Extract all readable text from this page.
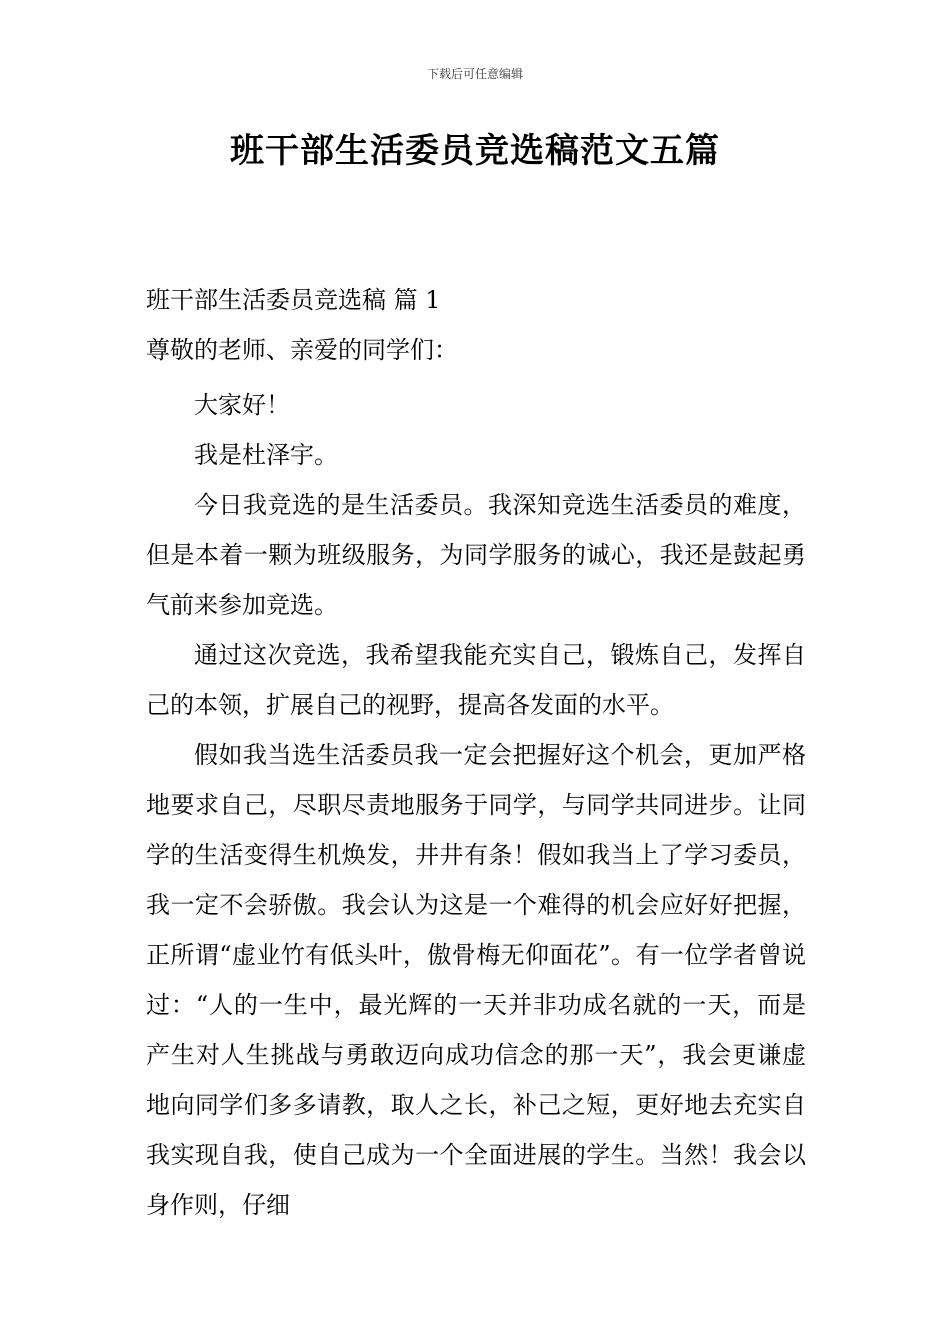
下载后可任意编辑
班干部生活委员竞选稿范文五篇
班干部生活委员竞选稿 篇 1

尊敬的老师、亲爱的同学们：

大家好！

我是杜泽宇。

今日我竞选的是生活委员。我深知竞选生活委员的难度，但是本着一颗为班级服务，为同学服务的诚心，我还是鼓起勇气前来参加竞选。

通过这次竞选，我希望我能充实自己，锻炼自己，发挥自己的本领，扩展自己的视野，提高各发面的水平。

假如我当选生活委员我一定会把握好这个机会，更加严格地要求自己，尽职尽责地服务于同学，与同学共同进步。让同学的生活变得生机焕发，井井有条！假如我当上了学习委员，我一定不会骄傲。我会认为这是一个难得的机会应好好把握，正所谓“虚业竹有低头叶，傲骨梅无仰面花”。有一位学者曾说过：“人的一生中，最光辉的一天并非功成名就的一天，而是产生对人生挑战与勇敢迈向成功信念的那一天”，我会更谦虚地向同学们多多请教，取人之长，补己之短，更好地去充实自我实现自我，使自己成为一个全面进展的学生。当然！我会以身作则，仔细
